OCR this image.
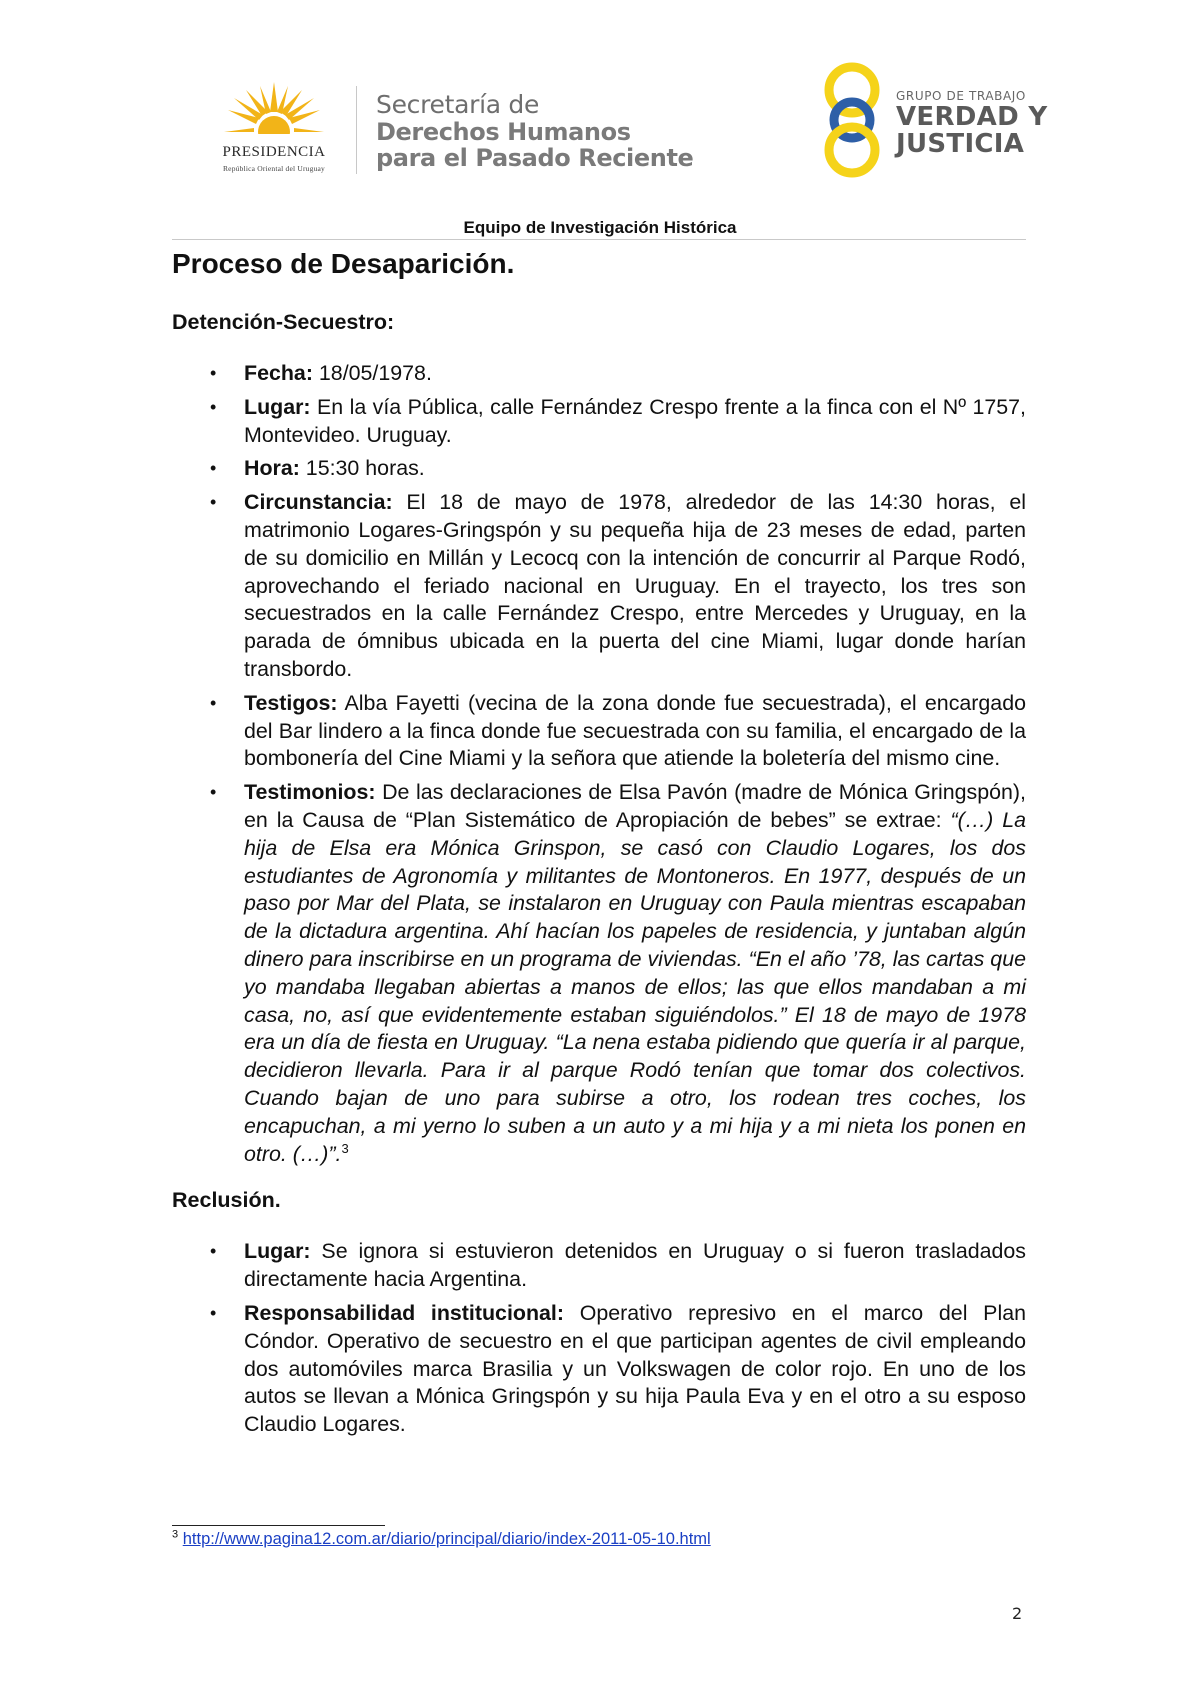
PRESIDENCIA
República Oriental del Uruguay
Secretaría de
Derechos Humanos
para el Pasado Reciente
GRUPO DE TRABAJO
VERDAD Y
JUSTICIA
Equipo de Investigación Histórica
Proceso de Desaparición.
Detención-Secuestro:
• Fecha: 18/05/1978.
• Lugar: En la vía Pública, calle Fernández Crespo frente a la finca con el Nº 1757, Montevideo. Uruguay.
• Hora: 15:30 horas.
• Circunstancia: El 18 de mayo de 1978, alrededor de las 14:30 horas, el matrimonio Logares-Gringspón y su pequeña hija de 23 meses de edad, parten de su domicilio en Millán y Lecocq con la intención de concurrir al Parque Rodó, aprovechando el feriado nacional en Uruguay. En el trayecto, los tres son secuestrados en la calle Fernández Crespo, entre Mercedes y Uruguay, en la parada de ómnibus ubicada en la puerta del cine Miami, lugar donde harían transbordo.
• Testigos: Alba Fayetti (vecina de la zona donde fue secuestrada), el encargado del Bar lindero a la finca donde fue secuestrada con su familia, el encargado de la bombonería del Cine Miami y la señora que atiende la boletería del mismo cine.
• Testimonios: De las declaraciones de Elsa Pavón (madre de Mónica Gringspón), en la Causa de “Plan Sistemático de Apropiación de bebes” se extrae: “(…) La hija de Elsa era Mónica Grinspon, se casó con Claudio Logares, los dos estudiantes de Agronomía y militantes de Montoneros. En 1977, después de un paso por Mar del Plata, se instalaron en Uruguay con Paula mientras escapaban de la dictadura argentina. Ahí hacían los papeles de residencia, y juntaban algún dinero para inscribirse en un programa de viviendas. “En el año ’78, las cartas que yo mandaba llegaban abiertas a manos de ellos; las que ellos mandaban a mi casa, no, así que evidentemente estaban siguiéndolos.” El 18 de mayo de 1978 era un día de fiesta en Uruguay. “La nena estaba pidiendo que quería ir al parque, decidieron llevarla. Para ir al parque Rodó tenían que tomar dos colectivos. Cuando bajan de uno para subirse a otro, los rodean tres coches, los encapuchan, a mi yerno lo suben a un auto y a mi hija y a mi nieta los ponen en otro. (…)”.$^3$
Reclusión.
• Lugar: Se ignora si estuvieron detenidos en Uruguay o si fueron trasladados directamente hacia Argentina.
• Responsabilidad institucional: Operativo represivo en el marco del Plan Cóndor. Operativo de secuestro en el que participan agentes de civil empleando dos automóviles marca Brasilia y un Volkswagen de color rojo. En uno de los autos se llevan a Mónica Gringspón y su hija Paula Eva y en el otro a su esposo Claudio Logares.
$^3$ http://www.pagina12.com.ar/diario/principal/diario/index-2011-05-10.html
2
